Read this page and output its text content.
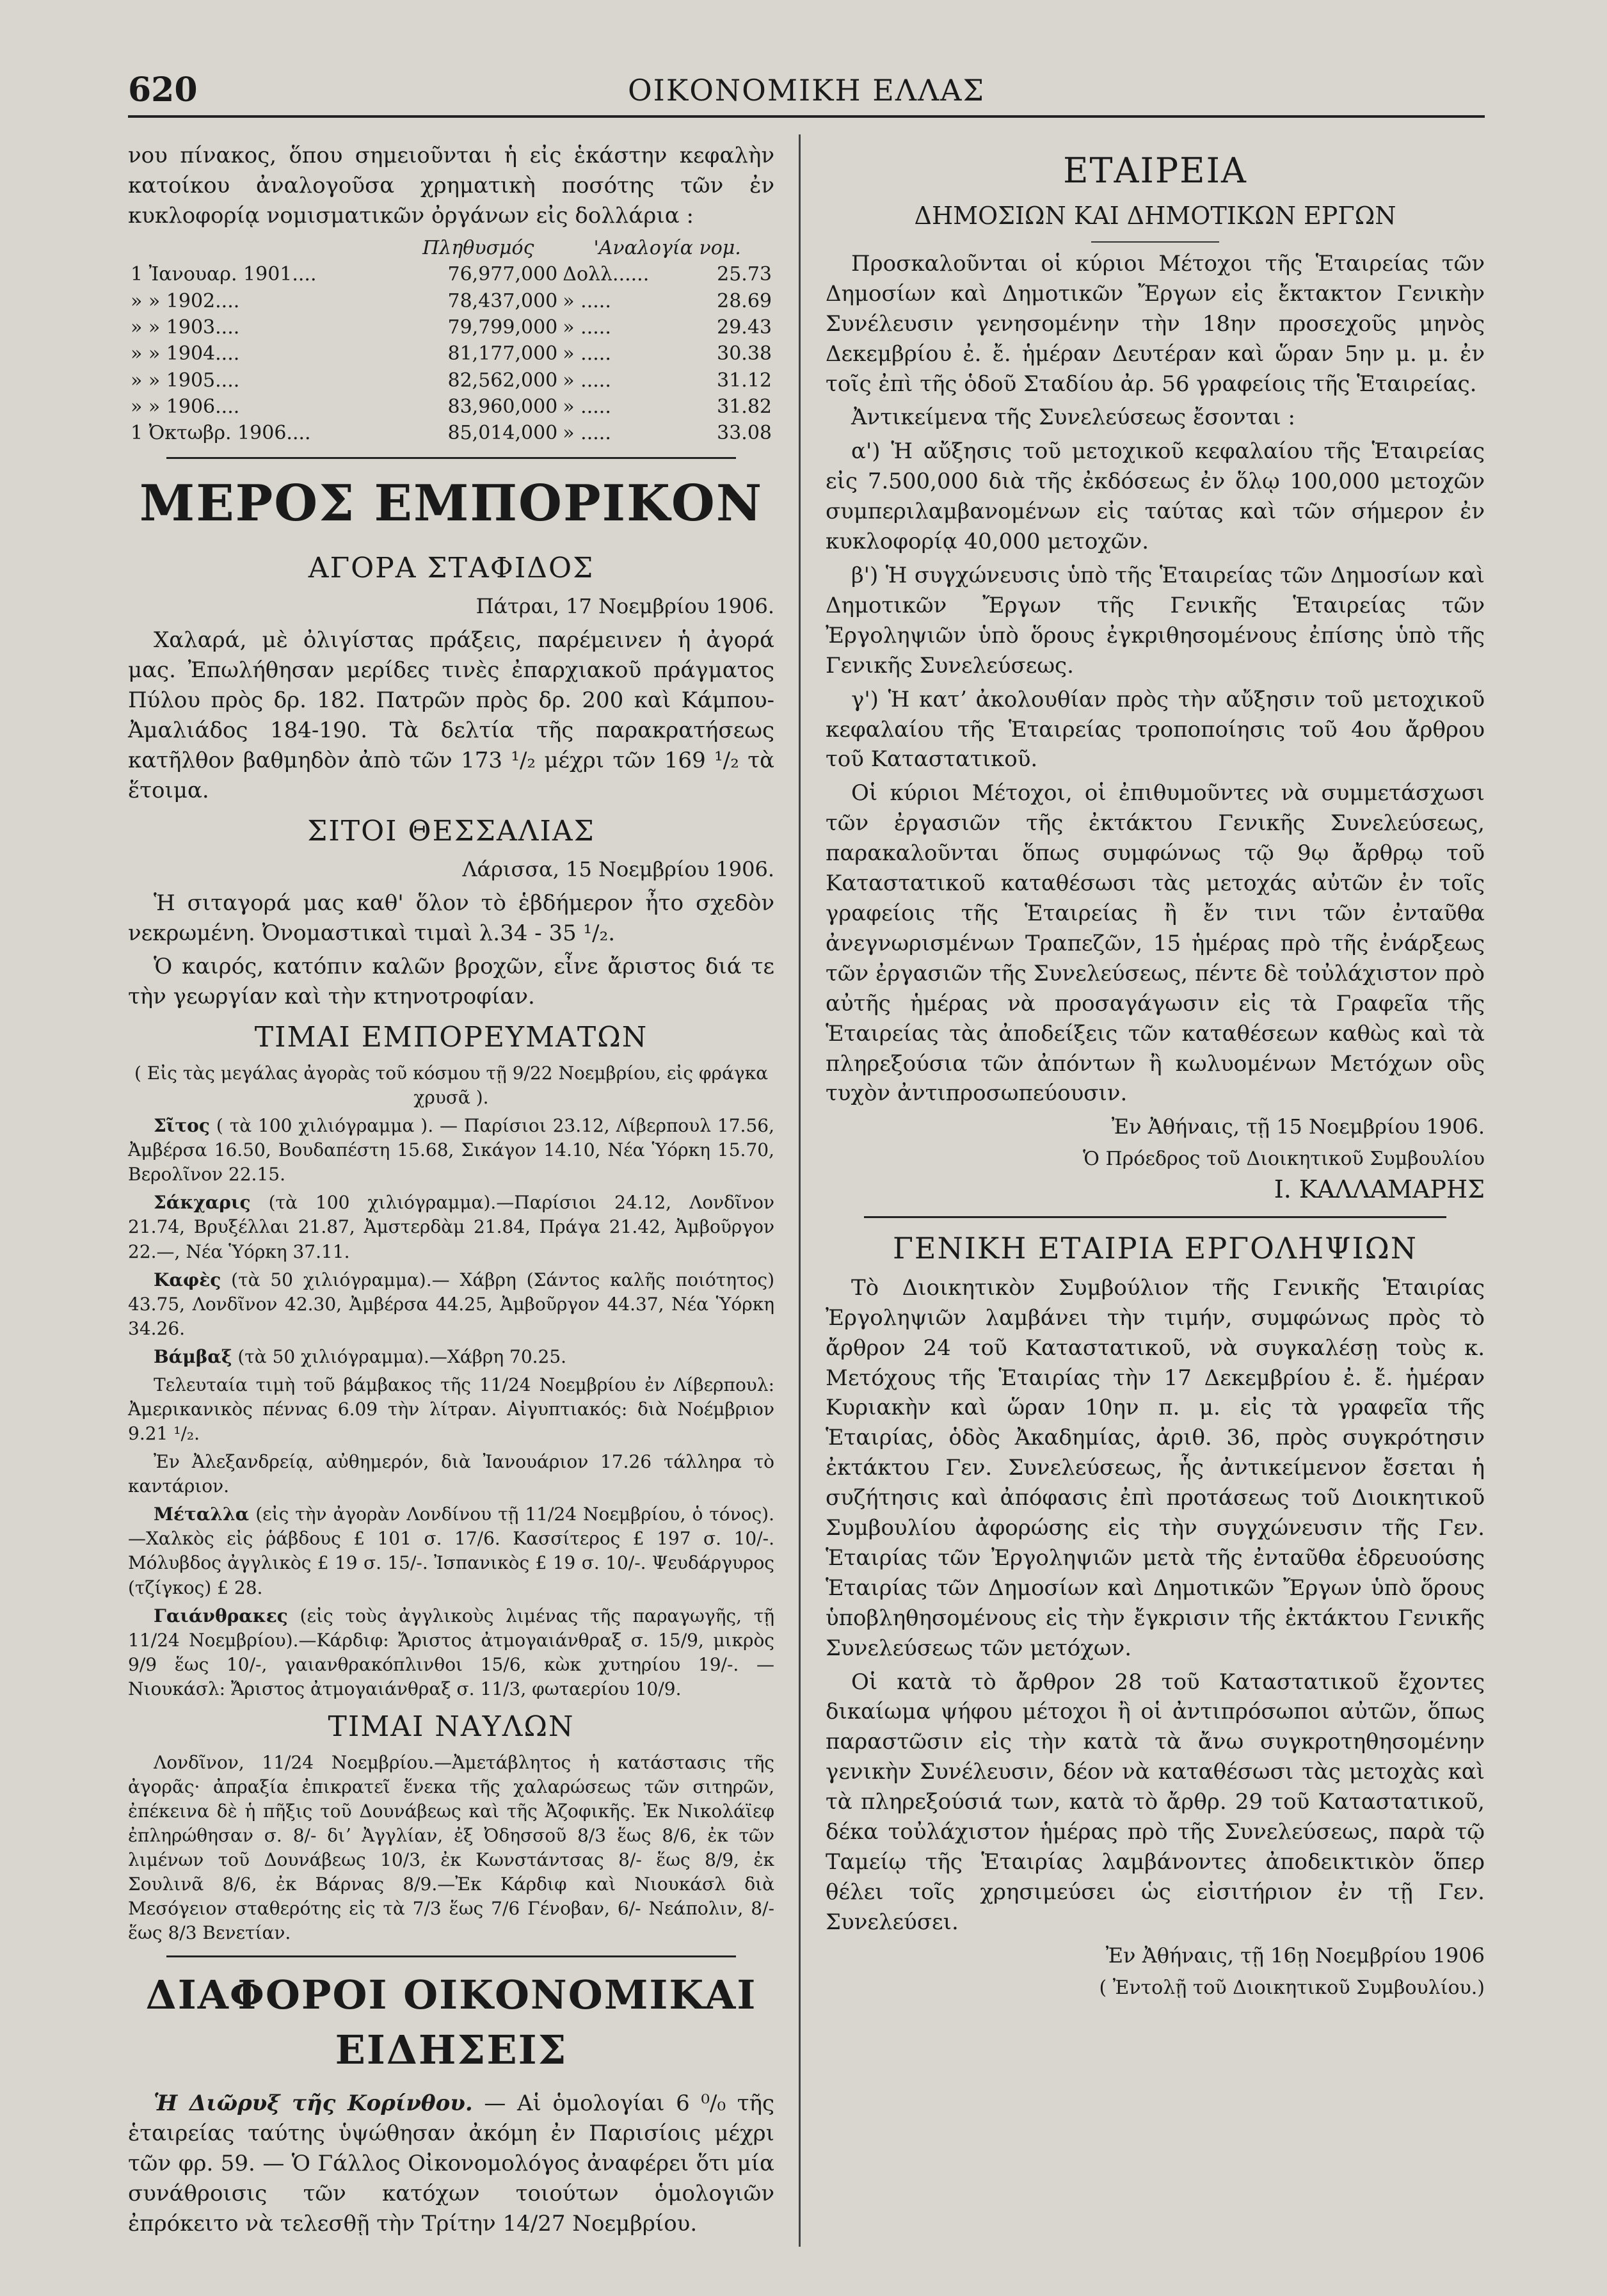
620	ΟΙΚΟΝΟΜΙΚΗ ΕΛΛΑΣ

νου πίνακος, ὅπου σημειοῦνται ἡ εἰς ἑκάστην κεφαλὴν κατοίκου ἀναλογοῦσα χρηματικὴ ποσότης τῶν ἐν κυκλοφορίᾳ νομισματικῶν ὀργάνων εἰς δολλάρια :

	Πληθυσμός	'Αναλογία νομ.	
1 Ἰανουαρ. 1901....	76,977,000	Δολλ......	25.73
» » 1902....	78,437,000	» .....	28.69
» » 1903....	79,799,000	» .....	29.43
» » 1904....	81,177,000	» .....	30.38
» » 1905....	82,562,000	» .....	31.12
» » 1906....	83,960,000	» .....	31.82
1 Ὀκτωβρ. 1906....	85,014,000	» .....	33.08
ΜΕΡΟΣ ΕΜΠΟΡΙΚΟΝ
ΑΓΟΡΑ ΣΤΑΦΙΔΟΣ
Πάτραι, 17 Νοεμβρίου 1906.

Χαλαρά, μὲ ὀλιγίστας πράξεις, παρέμεινεν ἡ ἀγορά μας. Ἐπωλήθησαν μερίδες τινὲς ἐπαρχιακοῦ πράγματος Πύλου πρὸς δρ. 182. Πατρῶν πρὸς δρ. 200 καὶ Κάμπου-Ἀμαλιάδος 184-190. Τὰ δελτία τῆς παρακρατήσεως κατῆλθον βαθμηδὸν ἀπὸ τῶν 173 ¹/₂ μέχρι τῶν 169 ¹/₂ τὰ ἕτοιμα.

ΣΙΤΟΙ ΘΕΣΣΑΛΙΑΣ
Λάρισσα, 15 Νοεμβρίου 1906.

Ἡ σιταγορά μας καθ' ὅλον τὸ ἑβδήμερον ἦτο σχεδὸν νεκρωμένη. Ὀνομαστικαὶ τιμαὶ λ.34 - 35 ¹/₂.

Ὁ καιρός, κατόπιν καλῶν βροχῶν, εἶνε ἄριστος διά τε τὴν γεωργίαν καὶ τὴν κτηνοτροφίαν.

ΤΙΜΑΙ ΕΜΠΟΡΕΥΜΑΤΩΝ

( Εἰς τὰς μεγάλας ἀγορὰς τοῦ κόσμου τῇ 9/22 Νοεμβρίου, εἰς φράγκα χρυσᾶ ).

Σῖτος ( τὰ 100 χιλιόγραμμα ). — Παρίσιοι 23.12, Λίβερπουλ 17.56, Ἀμβέρσα 16.50, Βουδαπέστη 15.68, Σικάγον 14.10, Νέα Ὑόρκη 15.70, Βερολῖνον 22.15.

Σάκχαρις (τὰ 100 χιλιόγραμμα).—Παρίσιοι 24.12, Λονδῖνον 21.74, Βρυξέλλαι 21.87, Ἀμστερδὰμ 21.84, Πράγα 21.42, Ἀμβοῦργον 22.—, Νέα Ὑόρκη 37.11.

Καφὲς (τὰ 50 χιλιόγραμμα).— Χάβρη (Σάντος καλῆς ποιότητος) 43.75, Λονδῖνον 42.30, Ἀμβέρσα 44.25, Ἀμβοῦργον 44.37, Νέα Ὑόρκη 34.26.

Βάμβαξ (τὰ 50 χιλιόγραμμα).—Χάβρη 70.25.

Τελευταία τιμὴ τοῦ βάμβακος τῆς 11/24 Νοεμβρίου ἐν Λίβερπουλ: Ἀμερικανικὸς πέννας 6.09 τὴν λίτραν. Αἰγυπτιακός: διὰ Νοέμβριον 9.21 ¹/₂.

Ἐν Ἀλεξανδρείᾳ, αὐθημερόν, διὰ Ἰανουάριον 17.26 τάλληρα τὸ καντάριον.

Μέταλλα (εἰς τὴν ἀγορὰν Λονδίνου τῇ 11/24 Νοεμβρίου, ὁ τόνος).—Χαλκὸς εἰς ῥάβδους £ 101 σ. 17/6. Κασσίτερος £ 197 σ. 10/-. Μόλυβδος ἀγγλικὸς £ 19 σ. 15/-. Ἰσπανικὸς £ 19 σ. 10/-. Ψευδάργυρος (τζίγκος) £ 28.

Γαιάνθρακες (εἰς τοὺς ἀγγλικοὺς λιμένας τῆς παραγωγῆς, τῇ 11/24 Νοεμβρίου).—Κάρδιφ: Ἄριστος ἀτμογαιάνθραξ σ. 15/9, μικρὸς 9/9 ἕως 10/-, γαιανθρακόπλινθοι 15/6, κὼκ χυτηρίου 19/-. —Νιουκάσλ: Ἄριστος ἀτμογαιάνθραξ σ. 11/3, φωταερίου 10/9.

ΤΙΜΑΙ ΝΑΥΛΩΝ

Λονδῖνον, 11/24 Νοεμβρίου.—Ἀμετάβλητος ἡ κατάστασις τῆς ἀγορᾶς· ἀπραξία ἐπικρατεῖ ἕνεκα τῆς χαλαρώσεως τῶν σιτηρῶν, ἐπέκεινα δὲ ἡ πῆξις τοῦ Δουνάβεως καὶ τῆς Ἀζοφικῆς. Ἐκ Νικολάϊεφ ἐπληρώθησαν σ. 8/- διʼ Ἀγγλίαν, ἐξ Ὀδησσοῦ 8/3 ἕως 8/6, ἐκ τῶν λιμένων τοῦ Δουνάβεως 10/3, ἐκ Κωνστάντσας 8/- ἕως 8/9, ἐκ Σουλινᾶ 8/6, ἐκ Βάρνας 8/9.—Ἐκ Κάρδιφ καὶ Νιουκάσλ διὰ Μεσόγειον σταθερότης εἰς τὰ 7/3 ἕως 7/6 Γένοβαν, 6/- Νεάπολιν, 8/- ἕως 8/3 Βενετίαν.

ΔΙΑΦΟΡΟΙ ΟΙΚΟΝΟΜΙΚΑΙ ΕΙΔΗΣΕΙΣ

Ἡ Διῶρυξ τῆς Κορίνθου. — Αἱ ὁμολογίαι 6 ⁰/₀ τῆς ἑταιρείας ταύτης ὑψώθησαν ἀκόμη ἐν Παρισίοις μέχρι τῶν φρ. 59. — Ὁ Γάλλος Οἰκονομολόγος ἀναφέρει ὅτι μία συνάθροισις τῶν κατόχων τοιούτων ὁμολογιῶν ἐπρόκειτο νὰ τελεσθῇ τὴν Τρίτην 14/27 Νοεμβρίου.

ΕΤΑΙΡΕΙΑ
ΔΗΜΟΣΙΩΝ ΚΑΙ ΔΗΜΟΤΙΚΩΝ ΕΡΓΩΝ

Προσκαλοῦνται οἱ κύριοι Μέτοχοι τῆς Ἑταιρείας τῶν Δημοσίων καὶ Δημοτικῶν Ἔργων εἰς ἔκτακτον Γενικὴν Συνέλευσιν γενησομένην τὴν 18ην προσεχοῦς μηνὸς Δεκεμβρίου ἐ. ἔ. ἡμέραν Δευτέραν καὶ ὥραν 5ην μ. μ. ἐν τοῖς ἐπὶ τῆς ὁδοῦ Σταδίου ἀρ. 56 γραφείοις τῆς Ἑταιρείας.

Ἀντικείμενα τῆς Συνελεύσεως ἔσονται :

α') Ἡ αὔξησις τοῦ μετοχικοῦ κεφαλαίου τῆς Ἑταιρείας εἰς 7.500,000 διὰ τῆς ἐκδόσεως ἐν ὅλῳ 100,000 μετοχῶν συμπεριλαμβανομένων εἰς ταύτας καὶ τῶν σήμερον ἐν κυκλοφορίᾳ 40,000 μετοχῶν.

β') Ἡ συγχώνευσις ὑπὸ τῆς Ἑταιρείας τῶν Δημοσίων καὶ Δημοτικῶν Ἔργων τῆς Γενικῆς Ἑταιρείας τῶν Ἐργοληψιῶν ὑπὸ ὅρους ἐγκριθησομένους ἐπίσης ὑπὸ τῆς Γενικῆς Συνελεύσεως.

γ') Ἡ κατʼ ἀκολουθίαν πρὸς τὴν αὔξησιν τοῦ μετοχικοῦ κεφαλαίου τῆς Ἑταιρείας τροποποίησις τοῦ 4ου ἄρθρου τοῦ Καταστατικοῦ.

Οἱ κύριοι Μέτοχοι, οἱ ἐπιθυμοῦντες νὰ συμμετάσχωσι τῶν ἐργασιῶν τῆς ἐκτάκτου Γενικῆς Συνελεύσεως, παρακαλοῦνται ὅπως συμφώνως τῷ 9ῳ ἄρθρῳ τοῦ Καταστατικοῦ καταθέσωσι τὰς μετοχάς αὐτῶν ἐν τοῖς γραφείοις τῆς Ἑταιρείας ἢ ἔν τινι τῶν ἐνταῦθα ἀνεγνωρισμένων Τραπεζῶν, 15 ἡμέρας πρὸ τῆς ἐνάρξεως τῶν ἐργασιῶν τῆς Συνελεύσεως, πέντε δὲ τοὐλάχιστον πρὸ αὐτῆς ἡμέρας νὰ προσαγάγωσιν εἰς τὰ Γραφεῖα τῆς Ἑταιρείας τὰς ἀποδείξεις τῶν καταθέσεων καθὼς καὶ τὰ πληρεξούσια τῶν ἀπόντων ἢ κωλυομένων Μετόχων οὓς τυχὸν ἀντιπροσωπεύουσιν.

Ἐν Ἀθήναις, τῇ 15 Νοεμβρίου 1906.
Ὁ Πρόεδρος τοῦ Διοικητικοῦ Συμβουλίου
Ι. ΚΑΛΛΑΜΑΡΗΣ
ΓΕΝΙΚΗ ΕΤΑΙΡΙΑ ΕΡΓΟΛΗΨΙΩΝ

Τὸ Διοικητικὸν Συμβούλιον τῆς Γενικῆς Ἑταιρίας Ἐργοληψιῶν λαμβάνει τὴν τιμήν, συμφώνως πρὸς τὸ ἄρθρον 24 τοῦ Καταστατικοῦ, νὰ συγκαλέσῃ τοὺς κ. Μετόχους τῆς Ἑταιρίας τὴν 17 Δεκεμβρίου ἐ. ἔ. ἡμέραν Κυριακὴν καὶ ὥραν 10ην π. μ. εἰς τὰ γραφεῖα τῆς Ἑταιρίας, ὁδὸς Ἀκαδημίας, ἀριθ. 36, πρὸς συγκρότησιν ἐκτάκτου Γεν. Συνελεύσεως, ἧς ἀντικείμενον ἔσεται ἡ συζήτησις καὶ ἀπόφασις ἐπὶ προτάσεως τοῦ Διοικητικοῦ Συμβουλίου ἀφορώσης εἰς τὴν συγχώνευσιν τῆς Γεν. Ἑταιρίας τῶν Ἐργοληψιῶν μετὰ τῆς ἐνταῦθα ἑδρευούσης Ἑταιρίας τῶν Δημοσίων καὶ Δημοτικῶν Ἔργων ὑπὸ ὅρους ὑποβληθησομένους εἰς τὴν ἔγκρισιν τῆς ἐκτάκτου Γενικῆς Συνελεύσεως τῶν μετόχων.

Οἱ κατὰ τὸ ἄρθρον 28 τοῦ Καταστατικοῦ ἔχοντες δικαίωμα ψήφου μέτοχοι ἢ οἱ ἀντιπρόσωποι αὐτῶν, ὅπως παραστῶσιν εἰς τὴν κατὰ τὰ ἄνω συγκροτηθησομένην γενικὴν Συνέλευσιν, δέον νὰ καταθέσωσι τὰς μετοχὰς καὶ τὰ πληρεξούσιά των, κατὰ τὸ ἄρθρ. 29 τοῦ Καταστατικοῦ, δέκα τοὐλάχιστον ἡμέρας πρὸ τῆς Συνελεύσεως, παρὰ τῷ Ταμείῳ τῆς Ἑταιρίας λαμβάνοντες ἀποδεικτικὸν ὅπερ θέλει τοῖς χρησιμεύσει ὡς εἰσιτήριον ἐν τῇ Γεν. Συνελεύσει.

Ἐν Ἀθήναις, τῇ 16ῃ Νοεμβρίου 1906
( Ἐντολῇ τοῦ Διοικητικοῦ Συμβουλίου.)
